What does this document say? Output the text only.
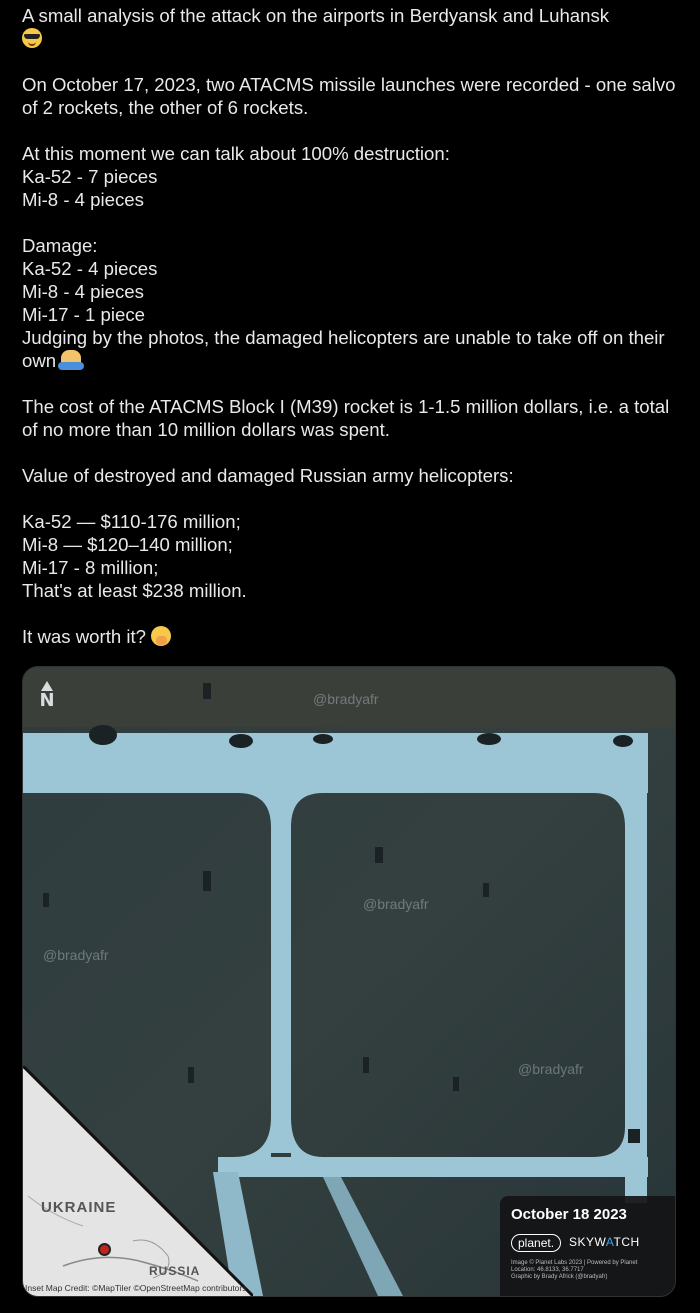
A small analysis of the attack on the airports in Berdyansk and Luhansk

On October 17, 2023, two ATACMS missile launches were recorded - one salvo of 2 rockets, the other of 6 rockets.

At this moment we can talk about 100% destruction:

Ka-52 - 7 pieces

Mi-8 - 4 pieces

Damage:

Ka-52 - 4 pieces

Mi-8 - 4 pieces

Mi-17 - 1 piece

Judging by the photos, the damaged helicopters are unable to take off on their own

The cost of the ATACMS Block I (M39) rocket is 1-1.5 million dollars, i.e. a total of no more than 10 million dollars was spent.

Value of destroyed and damaged Russian army helicopters:

Ka-52 — $110-176 million;

Mi-8 — $120–140 million;

Mi-17 - 8 million;

That's at least $238 million.

It was worth it?

N	@bradyafr
@bradyafr
@bradyafr
@bradyafr
UKRAINE
RUSSIA
Inset Map Credit: ©MapTiler ©OpenStreetMap contributors
October 18 2023
planet.	SKYWATCH
Image © Planet Labs 2023 | Powered by Planet
Location: 46.8133, 36.7717
Graphic by Brady Africk (@bradyafr)
